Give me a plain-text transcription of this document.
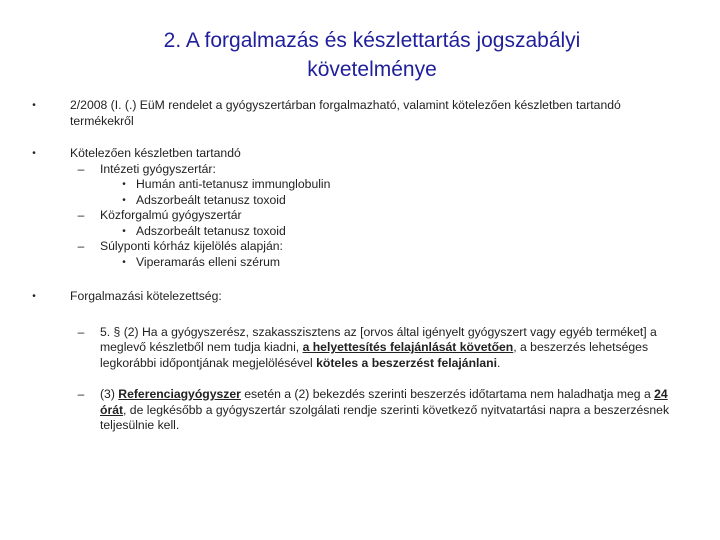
2. A forgalmazás és készlettartás jogszabályi
követelménye
•	2/2008 (I. (.) EüM rendelet a gyógyszertárban forgalmazható, valamint kötelezően készletben tartandó termékekről
•	Kötelezően készletben tartandó
– Intézeti gyógyszertár:
• Humán anti-tetanusz immunglobulin
• Adszorbeált tetanusz toxoid
– Közforgalmú gyógyszertár
• Adszorbeált tetanusz toxoid
– Súlyponti kórház kijelölés alapján:
• Viperamarás elleni szérum
•	Forgalmazási kötelezettség:
– 5. § (2) Ha a gyógyszerész, szakasszisztens az [orvos által igényelt gyógyszert vagy egyéb terméket] a meglevő készletből nem tudja kiadni, a helyettesítés felajánlását követően, a beszerzés lehetséges legkorábbi időpontjának megjelölésével köteles a beszerzést felajánlani.
– (3) Referenciagyógyszer esetén a (2) bekezdés szerinti beszerzés időtartama nem haladhatja meg a 24 órát, de legkésőbb a gyógyszertár szolgálati rendje szerinti következő nyitvatartási napra a beszerzésnek teljesülnie kell.
